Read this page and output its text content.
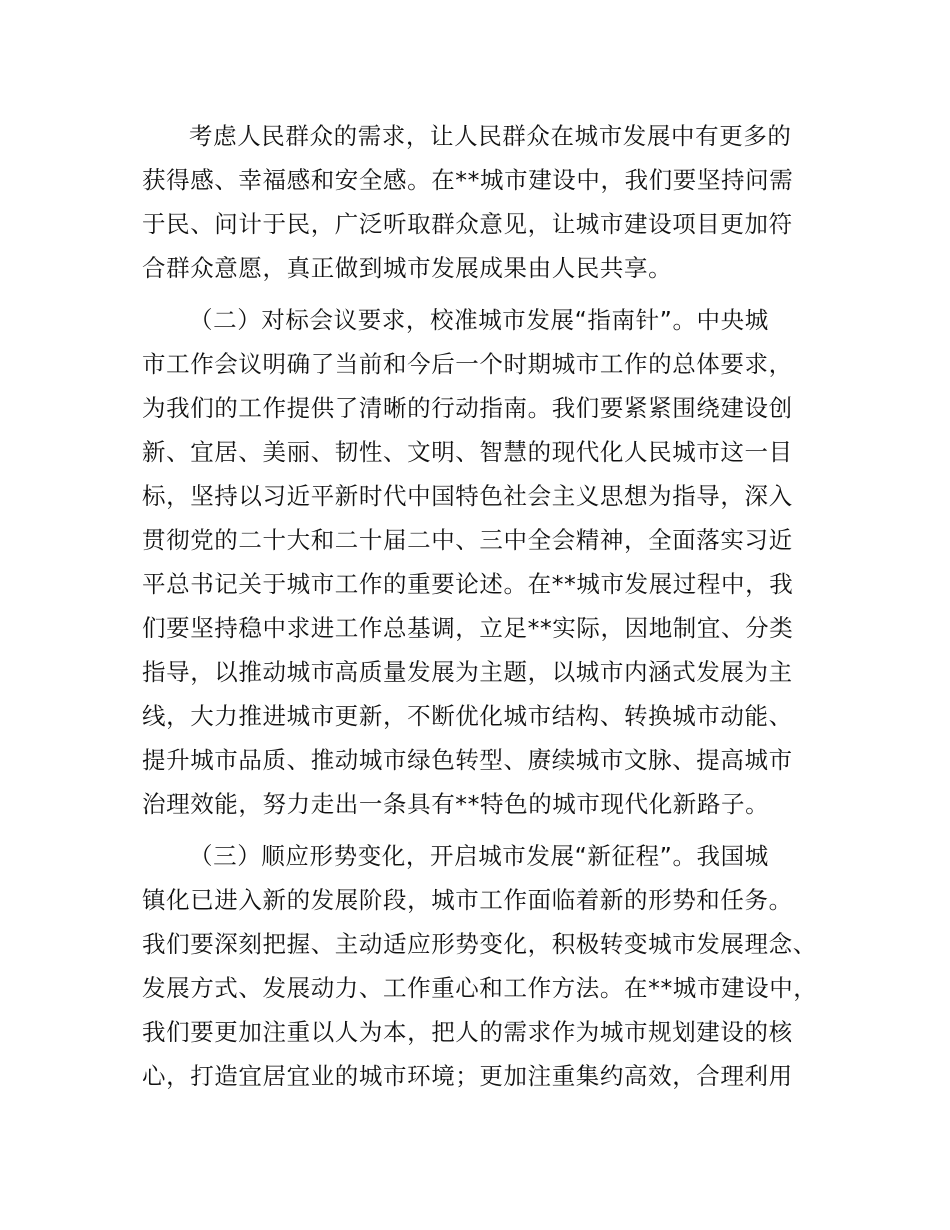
考虑人民群众的需求，让人民群众在城市发展中有更多的
获得感、幸福感和安全感。在**城市建设中，我们要坚持问需
于民、问计于民，广泛听取群众意见，让城市建设项目更加符
合群众意愿，真正做到城市发展成果由人民共享。
（二）对标会议要求，校准城市发展“指南针”。中央城
市工作会议明确了当前和今后一个时期城市工作的总体要求，
为我们的工作提供了清晰的行动指南。我们要紧紧围绕建设创
新、宜居、美丽、韧性、文明、智慧的现代化人民城市这一目
标，坚持以习近平新时代中国特色社会主义思想为指导，深入
贯彻党的二十大和二十届二中、三中全会精神，全面落实习近
平总书记关于城市工作的重要论述。在**城市发展过程中，我
们要坚持稳中求进工作总基调，立足**实际，因地制宜、分类
指导，以推动城市高质量发展为主题，以城市内涵式发展为主
线，大力推进城市更新，不断优化城市结构、转换城市动能、
提升城市品质、推动城市绿色转型、赓续城市文脉、提高城市
治理效能，努力走出一条具有**特色的城市现代化新路子。
（三）顺应形势变化，开启城市发展“新征程”。我国城
镇化已进入新的发展阶段，城市工作面临着新的形势和任务。
我们要深刻把握、主动适应形势变化，积极转变城市发展理念、
发展方式、发展动力、工作重心和工作方法。在**城市建设中，
我们要更加注重以人为本，把人的需求作为城市规划建设的核
心，打造宜居宜业的城市环境；更加注重集约高效，合理利用
